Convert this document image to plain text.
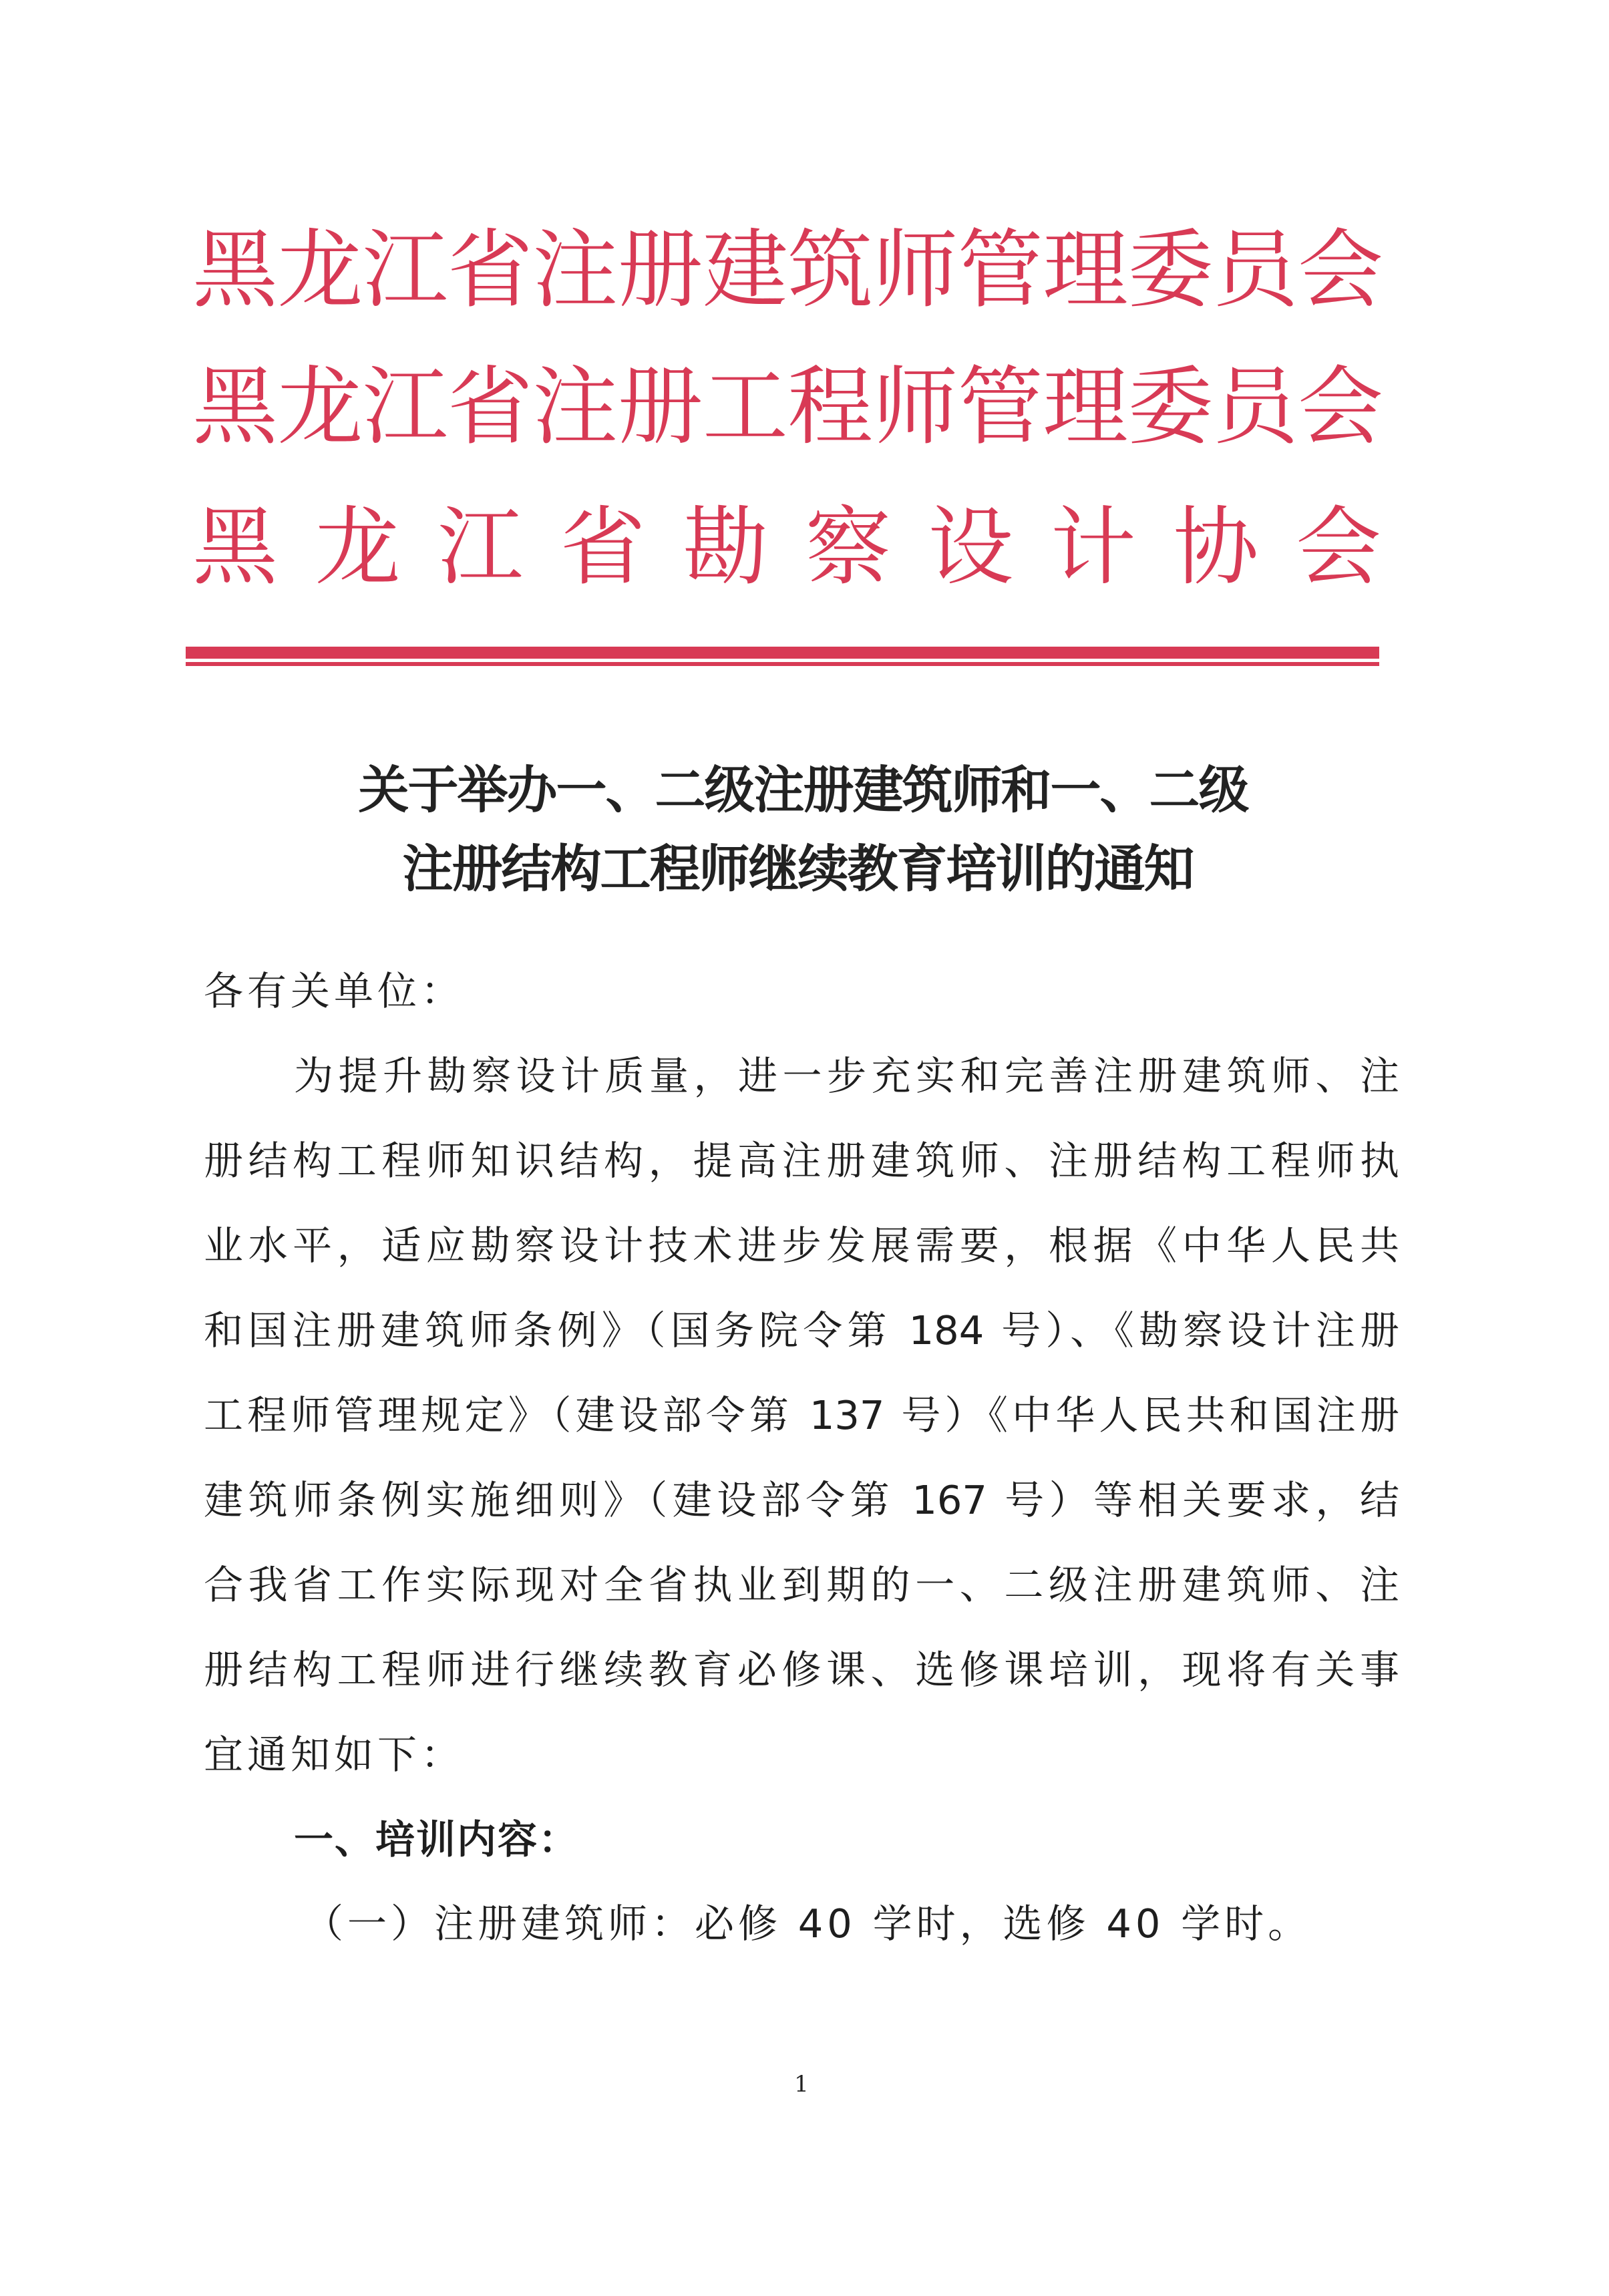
黑龙江省注册建筑师管理委员会
黑龙江省注册工程师管理委员会
黑龙江省勘察设计协会
关于举办一、二级注册建筑师和一、二级
注册结构工程师继续教育培训的通知
各有关单位：
为提升勘察设计质量，进一步充实和完善注册建筑师、注
册结构工程师知识结构，提高注册建筑师、注册结构工程师执
业水平，适应勘察设计技术进步发展需要，根据《中华人民共
和国注册建筑师条例》（国务院令第 184 号）、《勘察设计注册
工程师管理规定》（建设部令第 137 号）《中华人民共和国注册
建筑师条例实施细则》（建设部令第 167 号）等相关要求，结
合我省工作实际现对全省执业到期的一、二级注册建筑师、注
册结构工程师进行继续教育必修课、选修课培训，现将有关事
宜通知如下：
一、培训内容：
（一）注册建筑师：必修 40 学时，选修 40 学时。
1
